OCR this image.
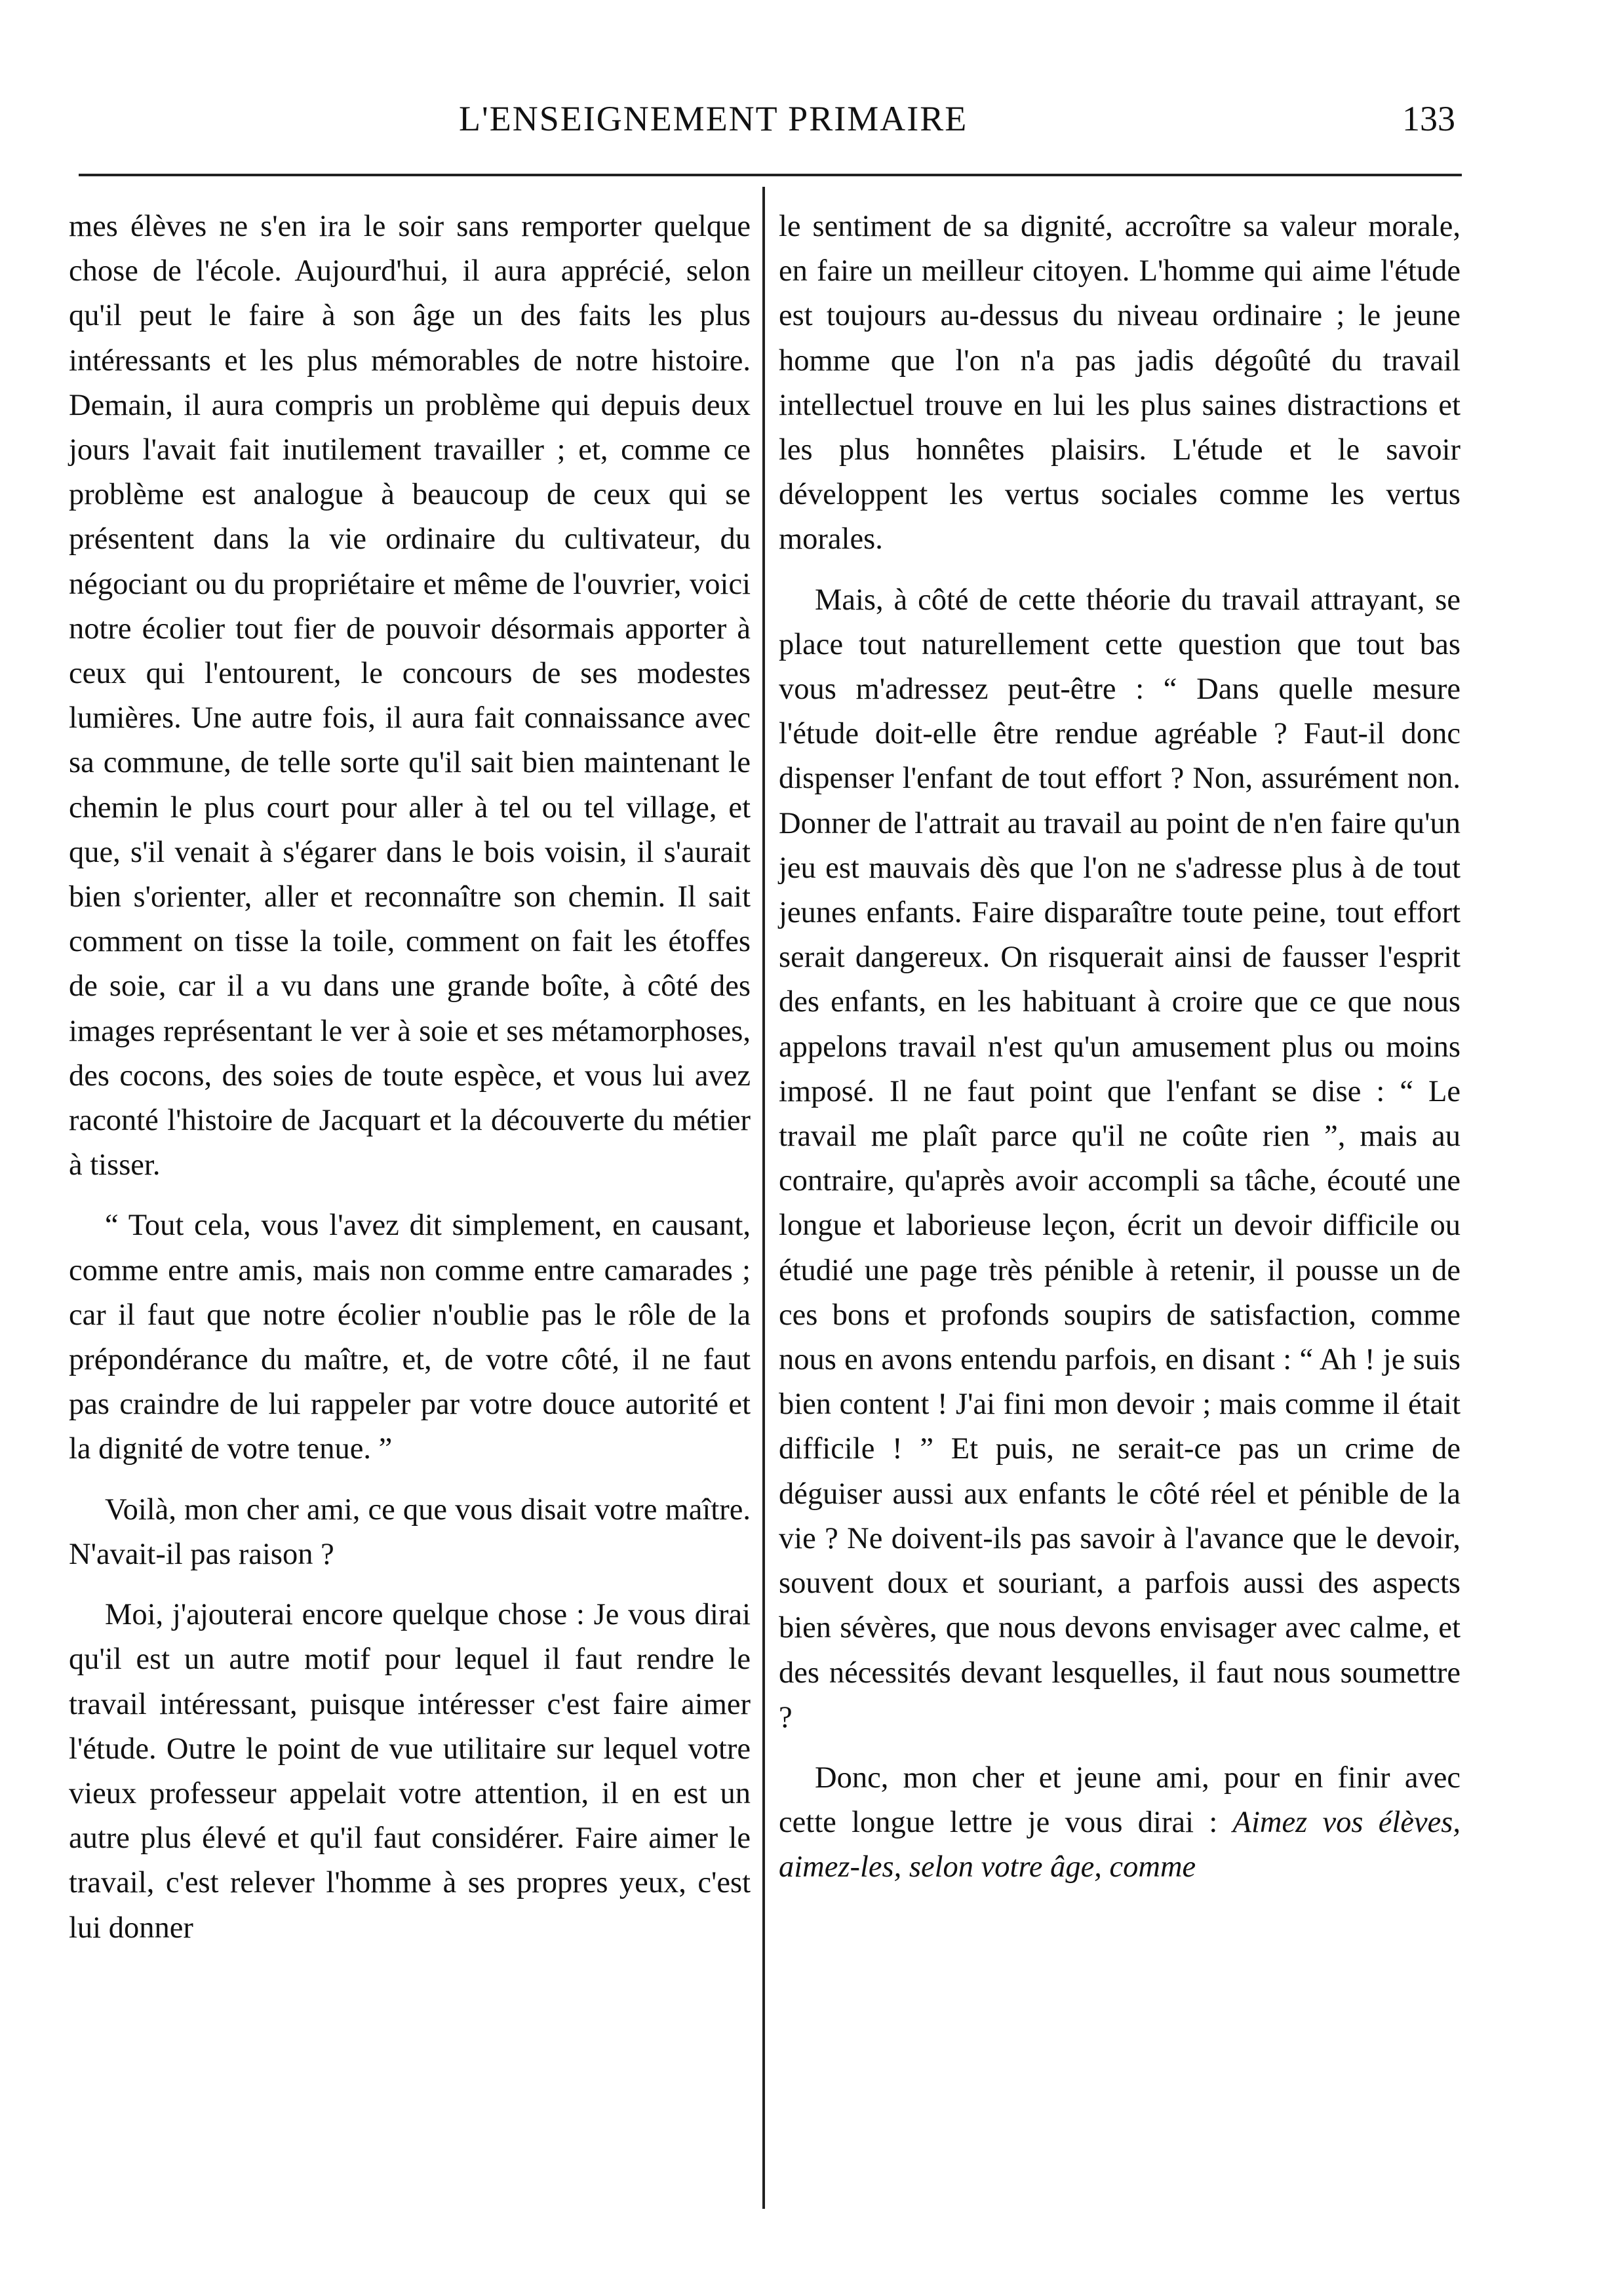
L'ENSEIGNEMENT PRIMAIRE	133

mes élèves ne s'en ira le soir sans remporter quelque chose de l'école. Aujourd'hui, il aura apprécié, selon qu'il peut le faire à son âge un des faits les plus intéressants et les plus mémorables de notre histoire. Demain, il aura compris un problème qui depuis deux jours l'avait fait inutilement travailler ; et, comme ce problème est analogue à beaucoup de ceux qui se présentent dans la vie ordinaire du cultivateur, du négociant ou du propriétaire et même de l'ouvrier, voici notre écolier tout fier de pouvoir désormais apporter à ceux qui l'entourent, le concours de ses modestes lumières. Une autre fois, il aura fait connaissance avec sa commune, de telle sorte qu'il sait bien maintenant le chemin le plus court pour aller à tel ou tel village, et que, s'il venait à s'égarer dans le bois voisin, il s'aurait bien s'orienter, aller et reconnaître son chemin. Il sait comment on tisse la toile, comment on fait les étoffes de soie, car il a vu dans une grande boîte, à côté des images représentant le ver à soie et ses métamorphoses, des cocons, des soies de toute espèce, et vous lui avez raconté l'histoire de Jacquart et la découverte du métier à tisser.

“ Tout cela, vous l'avez dit simplement, en causant, comme entre amis, mais non comme entre camarades ; car il faut que notre écolier n'oublie pas le rôle de la prépondérance du maître, et, de votre côté, il ne faut pas craindre de lui rappeler par votre douce autorité et la dignité de votre tenue. ”

Voilà, mon cher ami, ce que vous disait votre maître. N'avait-il pas raison ?

Moi, j'ajouterai encore quelque chose : Je vous dirai qu'il est un autre motif pour lequel il faut rendre le travail intéressant, puisque intéresser c'est faire aimer l'étude. Outre le point de vue utilitaire sur lequel votre vieux professeur appelait votre attention, il en est un autre plus élevé et qu'il faut considérer. Faire aimer le travail, c'est relever l'homme à ses propres yeux, c'est lui donner

le sentiment de sa dignité, accroître sa valeur morale, en faire un meilleur citoyen. L'homme qui aime l'étude est toujours au-dessus du niveau ordinaire ; le jeune homme que l'on n'a pas jadis dégoûté du travail intellectuel trouve en lui les plus saines distractions et les plus honnêtes plaisirs. L'étude et le savoir développent les vertus sociales comme les vertus morales.

Mais, à côté de cette théorie du travail attrayant, se place tout naturellement cette question que tout bas vous m'adressez peut-être : “ Dans quelle mesure l'étude doit-elle être rendue agréable ? Faut-il donc dispenser l'enfant de tout effort ? Non, assurément non. Donner de l'attrait au travail au point de n'en faire qu'un jeu est mauvais dès que l'on ne s'adresse plus à de tout jeunes enfants. Faire disparaître toute peine, tout effort serait dangereux. On risquerait ainsi de fausser l'esprit des enfants, en les habituant à croire que ce que nous appelons travail n'est qu'un amusement plus ou moins imposé. Il ne faut point que l'enfant se dise : “ Le travail me plaît parce qu'il ne coûte rien ”, mais au contraire, qu'après avoir accompli sa tâche, écouté une longue et laborieuse leçon, écrit un devoir difficile ou étudié une page très pénible à retenir, il pousse un de ces bons et profonds soupirs de satisfaction, comme nous en avons entendu parfois, en disant : “ Ah ! je suis bien content ! J'ai fini mon devoir ; mais comme il était difficile ! ” Et puis, ne serait-ce pas un crime de déguiser aussi aux enfants le côté réel et pénible de la vie ? Ne doivent-ils pas savoir à l'avance que le devoir, souvent doux et souriant, a parfois aussi des aspects bien sévères, que nous devons envisager avec calme, et des nécessités devant lesquelles, il faut nous soumettre ?

Donc, mon cher et jeune ami, pour en finir avec cette longue lettre je vous dirai : Aimez vos élèves, aimez-les, selon votre âge, comme
